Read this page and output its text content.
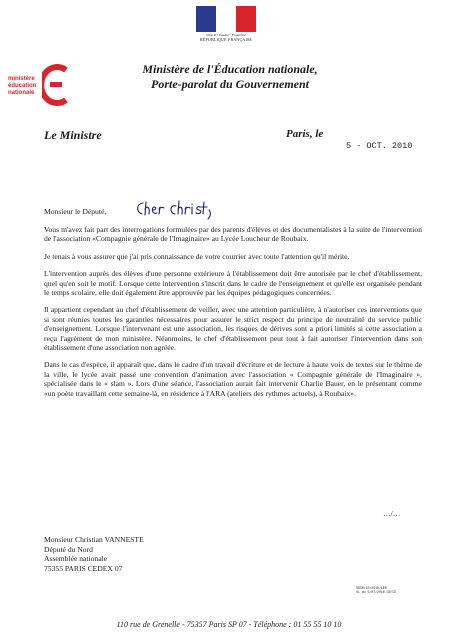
Liberté • Égalité • Fraternité
RÉPUBLIQUE FRANÇAISE
ministère
éducation
nationale
Ministère de l'Éducation nationale,
Porte-parolat du Gouvernement
Le Ministre	Paris, le
5 - OCT. 2010
Monsieur le Député,

Vous m'avez fait part des interrogations formulées par des parents d'élèves et des documentalistes à la suite de l'intervention de l'association «Compagnie générale de l'Imaginaire» au Lycée Loucheur de Roubaix.

Je tenais à vous assurer que j'ai pris connaissance de votre courrier avec toute l'attention qu'il mérite.

L'intervention auprès des élèves d'une personne extérieure à l'établissement doit être autorisée par le chef d'établissement, quel qu'en soit le motif. Lorsque cette intervention s'inscrit dans le cadre de l'enseignement et qu'elle est organisée pendant le temps scolaire, elle doit également être approuvée par les équipes pédagogiques concernées.

Il appartient cependant au chef d'établissement de veiller, avec une attention particulière, à n'autoriser ces interventions que si sont réunies toutes les garanties nécessaires pour assurer le strict respect du principe de neutralité du service public d'enseignement. Lorsque l'intervenant est une association, les risques de dérives sont a priori limités si cette association a reçu l'agrément de mon ministère. Néanmoins, le chef d'établissement peut tout à fait autoriser l'intervention dans son établissement d'une association non agréée.

Dans le cas d'espèce, il apparaît que, dans le cadre d'un travail d'écriture et de lecture à haute voix de textes sur le thème de la ville, le lycée avait passé une convention d'animation avec l'association « Compagnie générale de l'Imaginaire », spécialisée dans le « slam ». Lors d'une séance, l'association aurait fait intervenir Charlie Bauer, en le présentant comme «un poète travaillant cette semaine-là, en résidence à l'ARA (ateliers des rythmes actuels), à Roubaix».

…/…
Monsieur Christian VANNESTE
Député du Nord
Assemblée nationale
75355 PARIS CEDEX 07
SDCM/10/2910/LER
VL du 5/07/2010-CN/CD
110 rue de Grenelle - 75357 Paris SP 07 - Téléphone : 01 55 55 10 10
